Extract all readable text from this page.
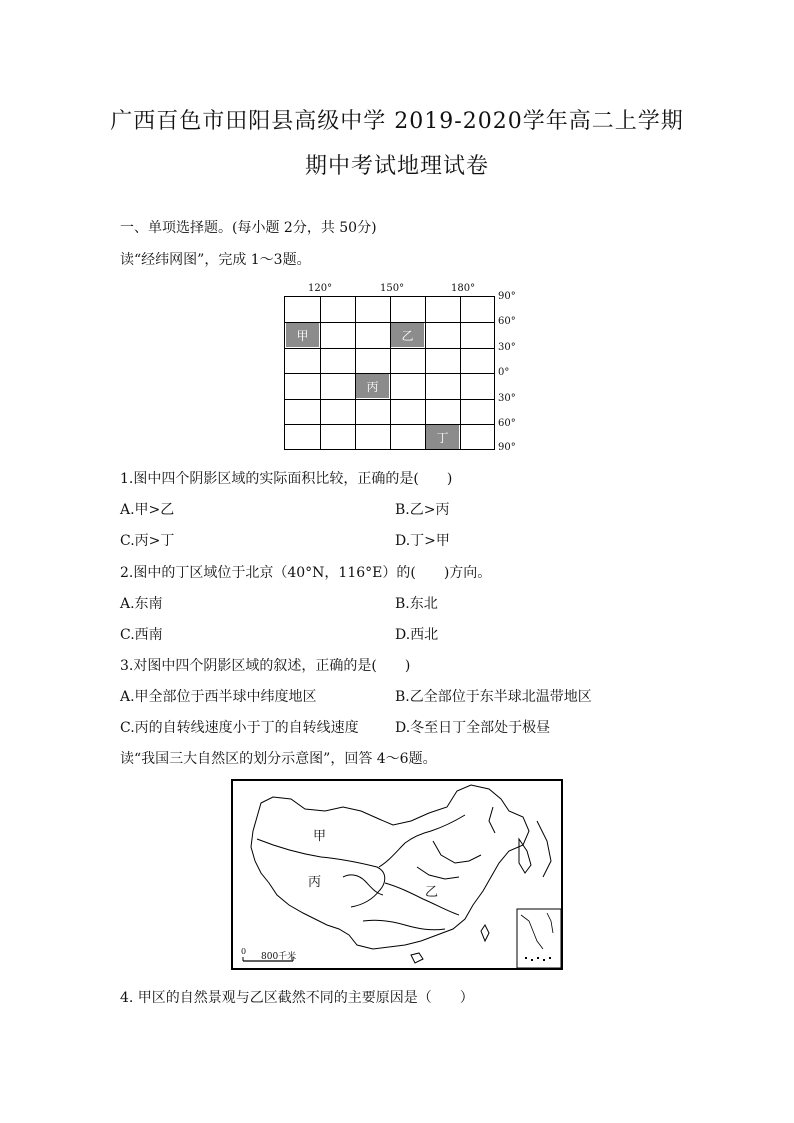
广西百色市田阳县高级中学 2019-2020学年高二上学期
期中考试地理试卷
一、单项选择题。(每小题 2分，共 50分)
读“经纬网图”，完成 1～3题。
120°	150°	180°
90°
60°
30°
0°
30°
60°
90°
甲	乙
丙
丁
1.图中四个阴影区域的实际面积比较，正确的是(　　)
A.甲>乙	B.乙>丙
C.丙>丁	D.丁>甲
2.图中的丁区域位于北京（40°N，116°E）的(　　)方向。
A.东南	B.东北
C.西南	D.西北
3.对图中四个阴影区域的叙述，正确的是(　　)
A.甲全部位于西半球中纬度地区	B.乙全部位于东半球北温带地区
C.丙的自转线速度小于丁的自转线速度	D.冬至日丁全部处于极昼
读“我国三大自然区的划分示意图”，回答 4～6题。
甲
丙
乙
0
800千米
4. 甲区的自然景观与乙区截然不同的主要原因是（　　）
